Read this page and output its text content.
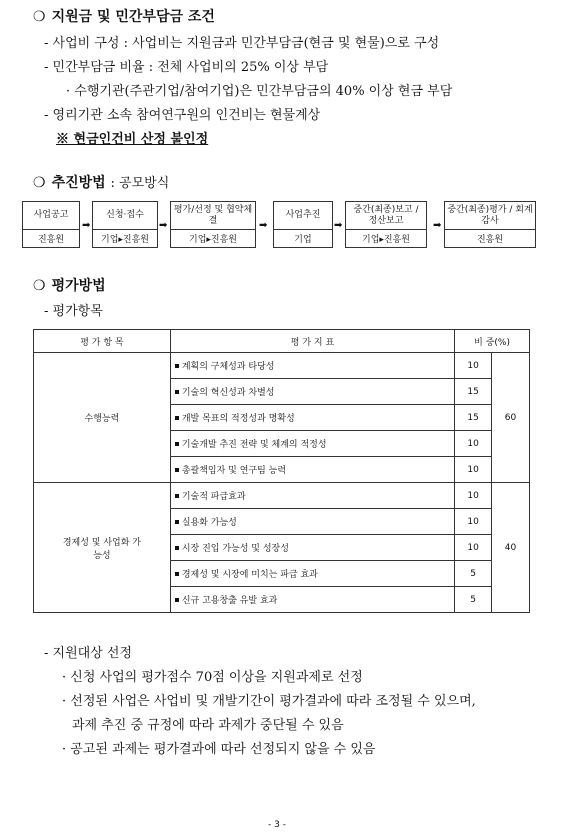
❍ 지원금 및 민간부담금 조건
- 사업비 구성 : 사업비는 지원금과 민간부담금(현금 및 현물)으로 구성
- 민간부담금 비율 : 전체 사업비의 25% 이상 부담
· 수행기관(주관기업/참여기업)은 민간부담금의 40% 이상 현금 부담
- 영리기관 소속 참여연구원의 인건비는 현물계상
※ 현금인건비 산정 불인정
❍ 추진방법 : 공모방식
사업공고
진흥원
➡
신청·접수
기업▸진흥원
➡
평가/선정 및 협약체결
기업▸진흥원
➡
사업추진
기업
➡
중간(최종)보고 / 정산보고
기업▸진흥원
➡
중간(최종)평가 / 회계감사
진흥원
❍ 평가방법
- 평가항목
평 가 항 목	평 가 지 표	비 중(%)	
수행능력	계획의 구체성과 타당성	10	60
	기술의 혁신성과 차별성	15	
	개발 목표의 적정성과 명확성	15	
	기술개발 추진 전략 및 체계의 적정성	10	
	총괄책임자 및 연구팀 능력	10	
경제성 및 사업화 가능성	기술적 파급효과	10	40
	실용화 가능성	10	
	시장 진입 가능성 및 성장성	10	
	경제성 및 시장에 미치는 파급 효과	5	
	신규 고용창출 유발 효과	5	
- 지원대상 선정
· 신청 사업의 평가점수 70점 이상을 지원과제로 선정
· 선정된 사업은 사업비 및 개발기간이 평가결과에 따라 조정될 수 있으며,
과제 추진 중 규정에 따라 과제가 중단될 수 있음
· 공고된 과제는 평가결과에 따라 선정되지 않을 수 있음
- 3 -
